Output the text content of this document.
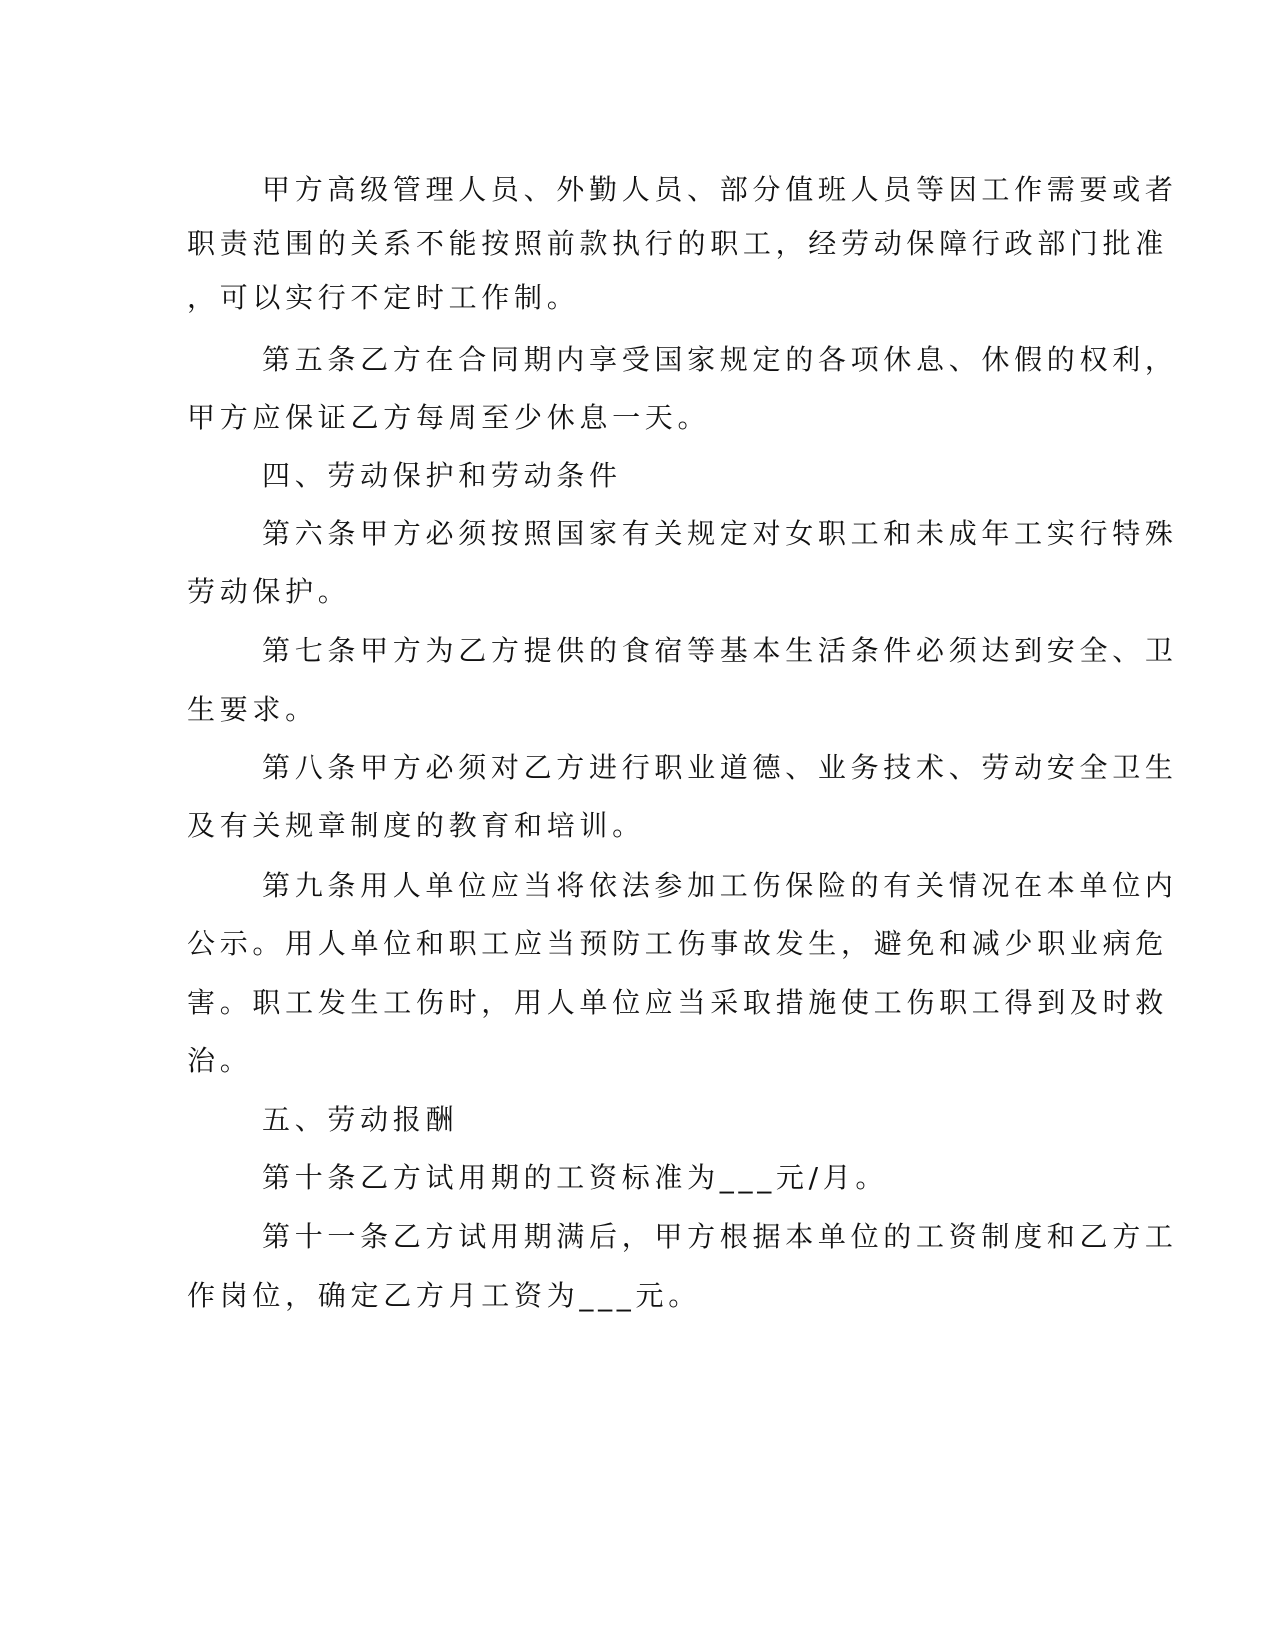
甲方高级管理人员、外勤人员、部分值班人员等因工作需要或者
职责范围的关系不能按照前款执行的职工，经劳动保障行政部门批准
，可以实行不定时工作制。
第五条乙方在合同期内享受国家规定的各项休息、休假的权利，
甲方应保证乙方每周至少休息一天。
四、劳动保护和劳动条件
第六条甲方必须按照国家有关规定对女职工和未成年工实行特殊
劳动保护。
第七条甲方为乙方提供的食宿等基本生活条件必须达到安全、卫
生要求。
第八条甲方必须对乙方进行职业道德、业务技术、劳动安全卫生
及有关规章制度的教育和培训。
第九条用人单位应当将依法参加工伤保险的有关情况在本单位内
公示。用人单位和职工应当预防工伤事故发生，避免和减少职业病危
害。职工发生工伤时，用人单位应当采取措施使工伤职工得到及时救
治。
五、劳动报酬
第十条乙方试用期的工资标准为___元/月。
第十一条乙方试用期满后，甲方根据本单位的工资制度和乙方工
作岗位，确定乙方月工资为___元。
